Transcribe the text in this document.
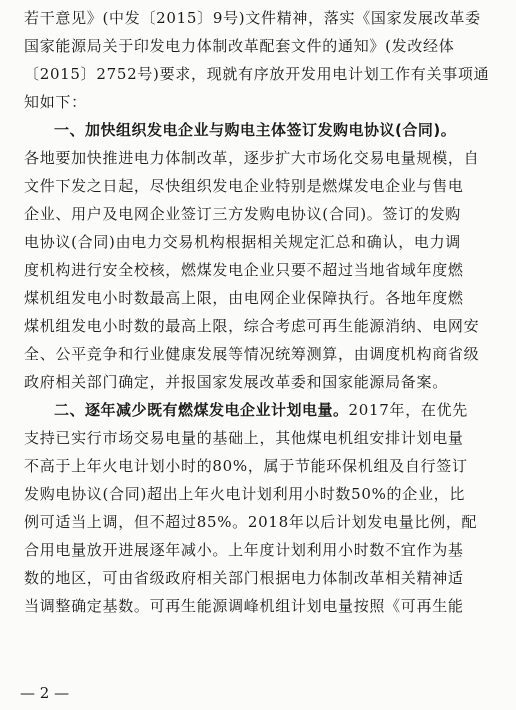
若干意见》(中发〔2015〕9号)文件精神，落实《国家发展改革委
国家能源局关于印发电力体制改革配套文件的通知》(发改经体
〔2015〕2752号)要求，现就有序放开发用电计划工作有关事项通
知如下：
一、加快组织发电企业与购电主体签订发购电协议(合同)。
各地要加快推进电力体制改革，逐步扩大市场化交易电量规模，自
文件下发之日起，尽快组织发电企业特别是燃煤发电企业与售电
企业、用户及电网企业签订三方发购电协议(合同)。签订的发购
电协议(合同)由电力交易机构根据相关规定汇总和确认，电力调
度机构进行安全校核，燃煤发电企业只要不超过当地省域年度燃
煤机组发电小时数最高上限，由电网企业保障执行。各地年度燃
煤机组发电小时数的最高上限，综合考虑可再生能源消纳、电网安
全、公平竞争和行业健康发展等情况统筹测算，由调度机构商省级
政府相关部门确定，并报国家发展改革委和国家能源局备案。
二、逐年减少既有燃煤发电企业计划电量。2017年，在优先
支持已实行市场交易电量的基础上，其他煤电机组安排计划电量
不高于上年火电计划小时的80%，属于节能环保机组及自行签订
发购电协议(合同)超出上年火电计划利用小时数50%的企业，比
例可适当上调，但不超过85%。2018年以后计划发电量比例，配
合用电量放开进展逐年减小。上年度计划利用小时数不宜作为基
数的地区，可由省级政府相关部门根据电力体制改革相关精神适
当调整确定基数。可再生能源调峰机组计划电量按照《可再生能
— 2 —
